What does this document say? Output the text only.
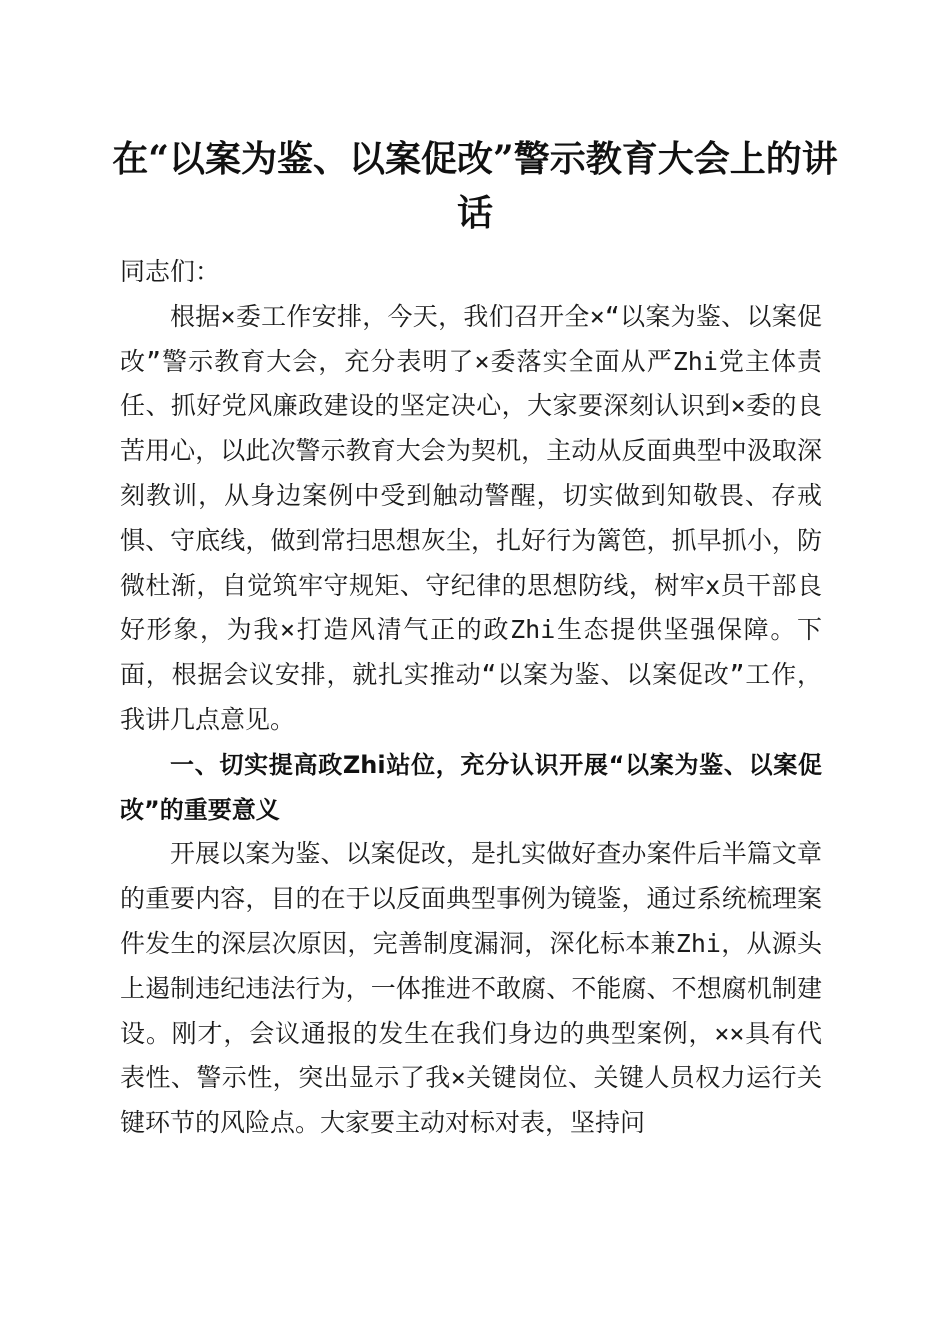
在“以案为鉴、以案促改”警示教育大会上的讲话

同志们：

根据×委工作安排，今天，我们召开全×“以案为鉴、以案促改”警示教育大会，充分表明了×委落实全面从严Zhi党主体责任、抓好党风廉政建设的坚定决心，大家要深刻认识到×委的良苦用心，以此次警示教育大会为契机，主动从反面典型中汲取深刻教训，从身边案例中受到触动警醒，切实做到知敬畏、存戒惧、守底线，做到常扫思想灰尘，扎好行为篱笆，抓早抓小，防微杜渐，自觉筑牢守规矩、守纪律的思想防线，树牢x员干部良好形象，为我×打造风清气正的政Zhi生态提供坚强保障。下面，根据会议安排，就扎实推动“以案为鉴、以案促改”工作，我讲几点意见。

一、切实提高政Zhi站位，充分认识开展“以案为鉴、以案促改”的重要意义

开展以案为鉴、以案促改，是扎实做好查办案件后半篇文章的重要内容，目的在于以反面典型事例为镜鉴，通过系统梳理案件发生的深层次原因，完善制度漏洞，深化标本兼Zhi，从源头上遏制违纪违法行为，一体推进不敢腐、不能腐、不想腐机制建设。刚才，会议通报的发生在我们身边的典型案例，××具有代表性、警示性，突出显示了我×关键岗位、关键人员权力运行关键环节的风险点。大家要主动对标对表，坚持问
